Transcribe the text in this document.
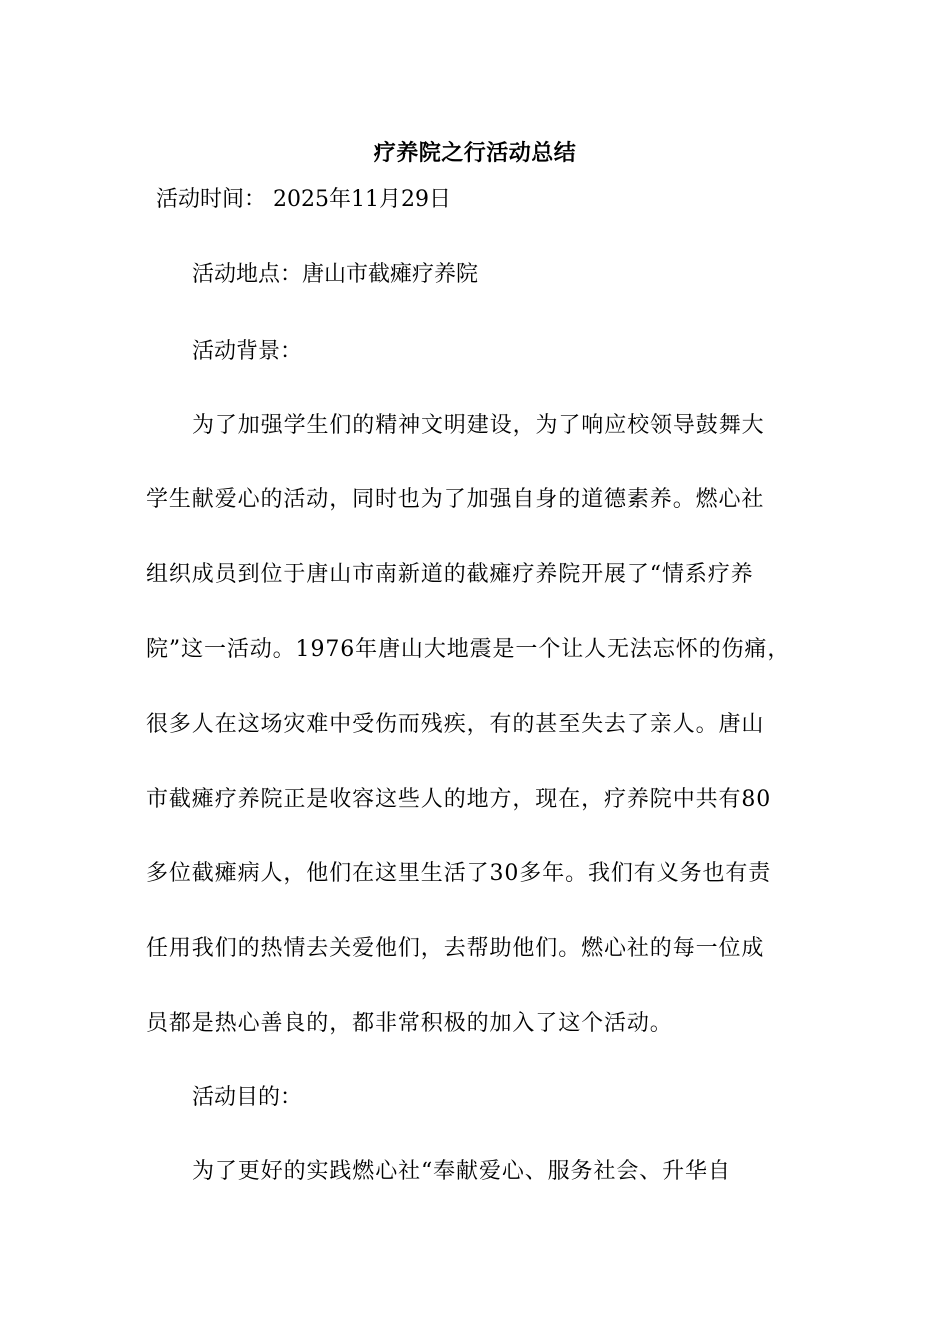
疗养院之行活动总结
活动时间： 2025年11月29日
活动地点：唐山市截瘫疗养院
活动背景：
为了加强学生们的精神文明建设，为了响应校领导鼓舞大
学生献爱心的活动，同时也为了加强自身的道德素养。燃心社
组织成员到位于唐山市南新道的截瘫疗养院开展了“情系疗养
院”这一活动。1976年唐山大地震是一个让人无法忘怀的伤痛，
很多人在这场灾难中受伤而残疾，有的甚至失去了亲人。唐山
市截瘫疗养院正是收容这些人的地方，现在，疗养院中共有80
多位截瘫病人，他们在这里生活了30多年。我们有义务也有责
任用我们的热情去关爱他们，去帮助他们。燃心社的每一位成
员都是热心善良的，都非常积极的加入了这个活动。
活动目的：
为了更好的实践燃心社“奉献爱心、服务社会、升华自
